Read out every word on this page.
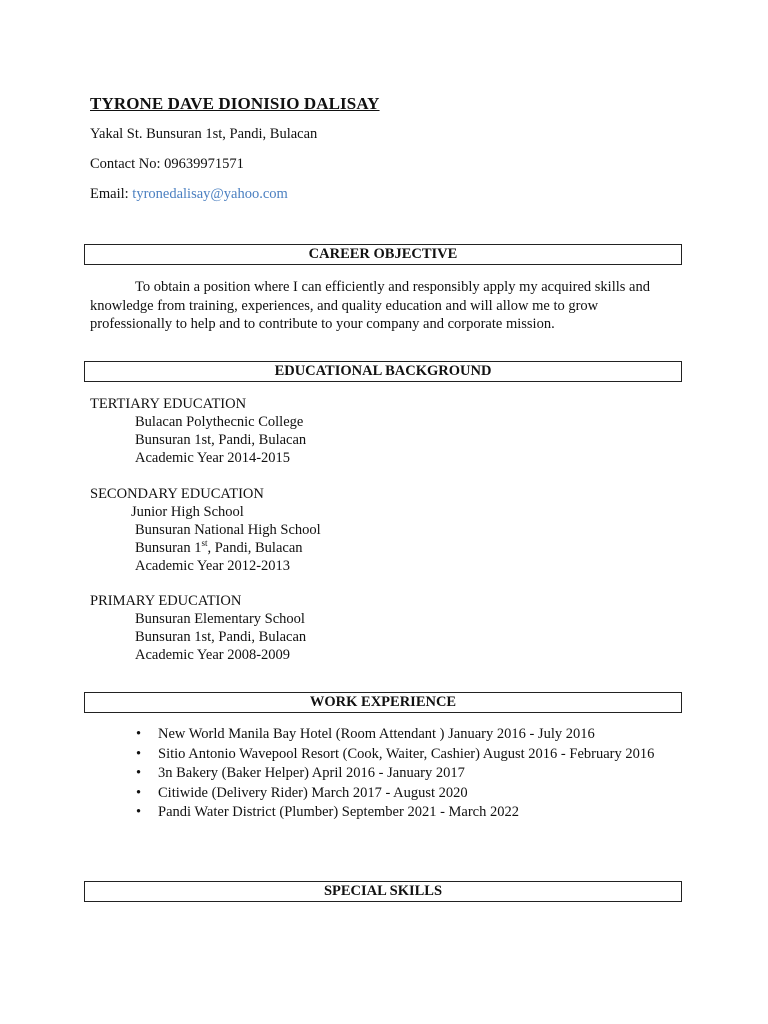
TYRONE DAVE DIONISIO DALISAY
Yakal St. Bunsuran 1st, Pandi, Bulacan
Contact No: 09639971571
Email: tyronedalisay@yahoo.com
CAREER OBJECTIVE
To obtain a position where I can efficiently and responsibly apply my acquired skills and
knowledge from training, experiences, and quality education and will allow me to grow
professionally to help and to contribute to your company and corporate mission.
EDUCATIONAL BACKGROUND
TERTIARY EDUCATION
Bulacan Polythecnic College
Bunsuran 1st, Pandi, Bulacan
Academic Year 2014-2015
SECONDARY EDUCATION
Junior High School
Bunsuran National High School
Bunsuran 1st, Pandi, Bulacan
Academic Year 2012-2013
PRIMARY EDUCATION
Bunsuran Elementary School
Bunsuran 1st, Pandi, Bulacan
Academic Year 2008-2009
WORK EXPERIENCE
• New World Manila Bay Hotel (Room Attendant ) January 2016 - July 2016
• Sitio Antonio Wavepool Resort (Cook, Waiter, Cashier) August 2016 - February 2016
• 3n Bakery (Baker Helper) April 2016 - January 2017
• Citiwide (Delivery Rider) March 2017 - August 2020
• Pandi Water District (Plumber) September 2021 - March 2022
SPECIAL SKILLS
